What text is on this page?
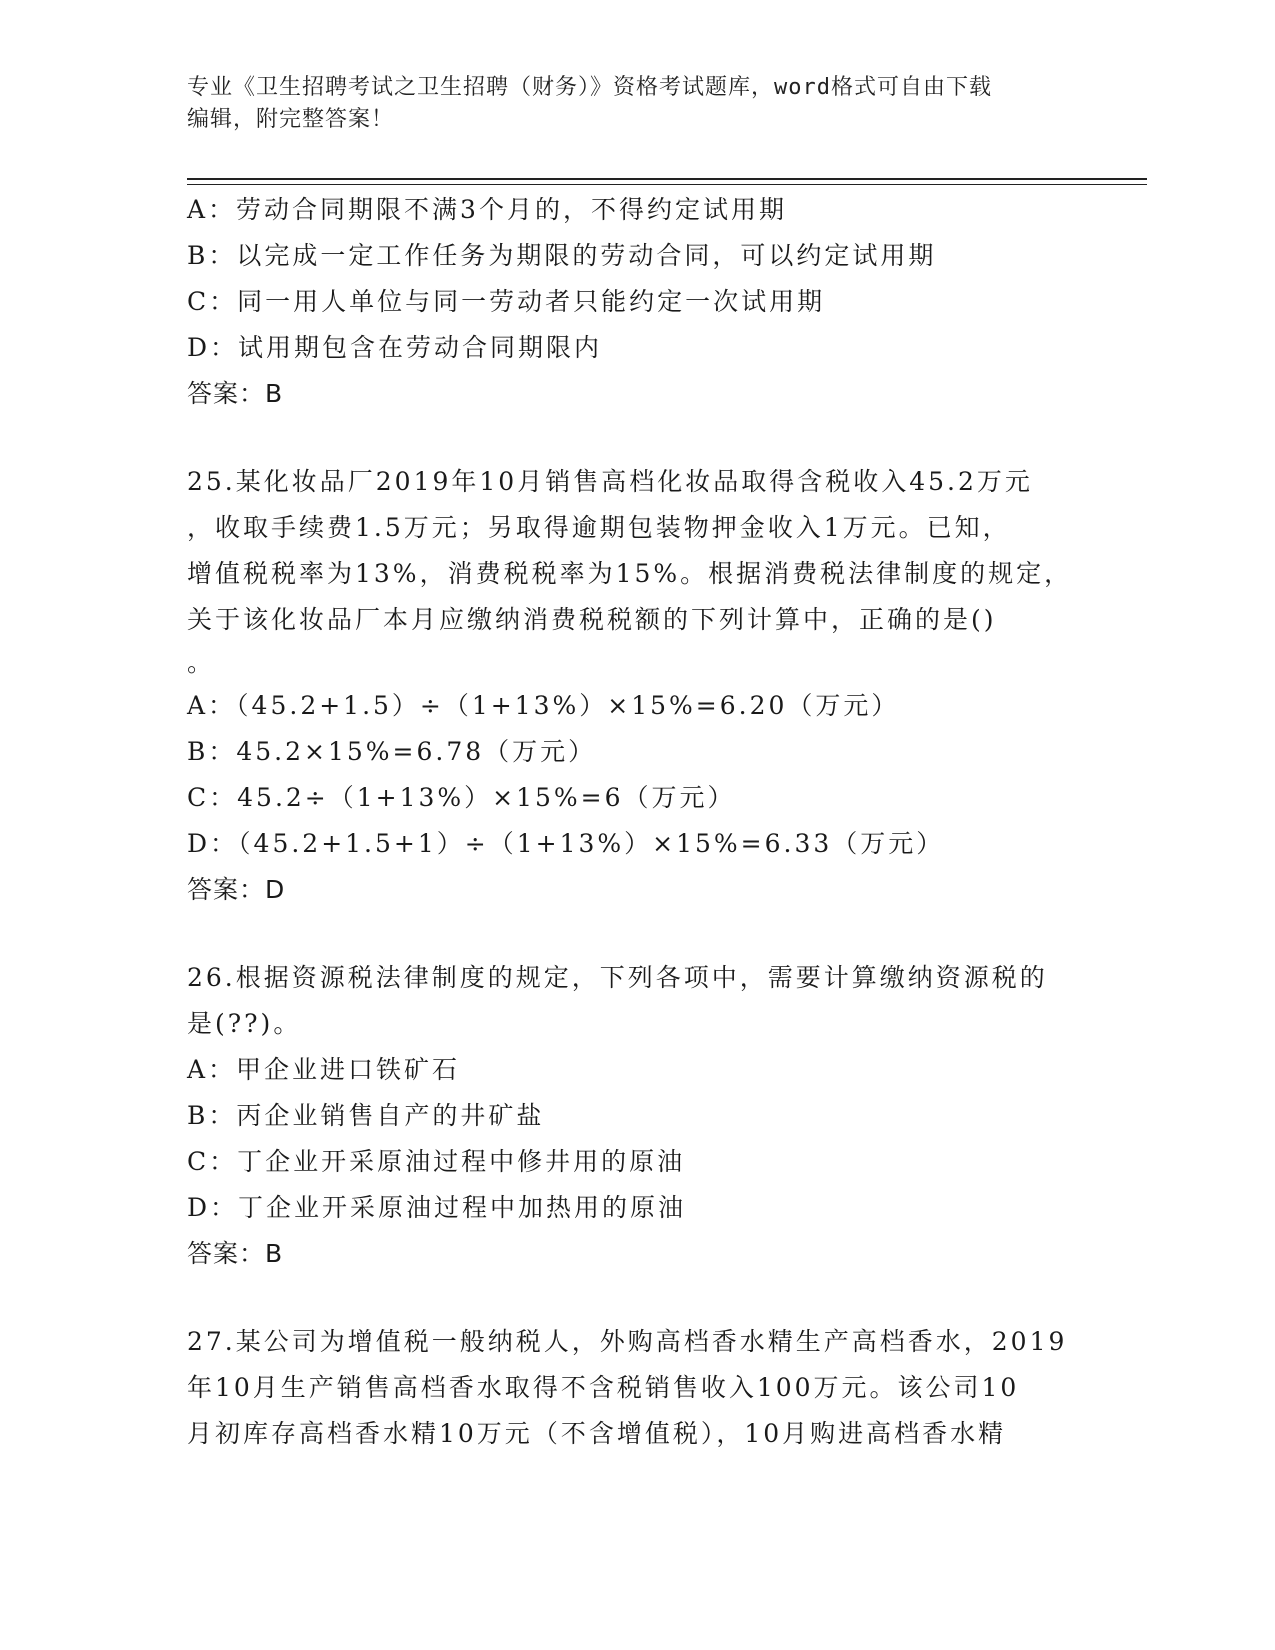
专业《卫生招聘考试之卫生招聘（财务）》资格考试题库，word格式可自由下载
编辑，附完整答案！
A：劳动合同期限不满3个月的，不得约定试用期
B：以完成一定工作任务为期限的劳动合同，可以约定试用期
C：同一用人单位与同一劳动者只能约定一次试用期
D：试用期包含在劳动合同期限内
答案：B
25.某化妆品厂2019年10月销售高档化妆品取得含税收入45.2万元
，收取手续费1.5万元；另取得逾期包装物押金收入1万元。已知，
增值税税率为13%，消费税税率为15%。根据消费税法律制度的规定，
关于该化妆品厂本月应缴纳消费税税额的下列计算中，正确的是()
。
A：（45.2+1.5）÷（1+13%）×15%=6.20（万元）
B：45.2×15%=6.78（万元）
C：45.2÷（1+13%）×15%=6（万元）
D：（45.2+1.5+1）÷（1+13%）×15%=6.33（万元）
答案：D
26.根据资源税法律制度的规定，下列各项中，需要计算缴纳资源税的
是(??)。
A：甲企业进口铁矿石
B：丙企业销售自产的井矿盐
C：丁企业开采原油过程中修井用的原油
D：丁企业开采原油过程中加热用的原油
答案：B
27.某公司为增值税一般纳税人，外购高档香水精生产高档香水，2019
年10月生产销售高档香水取得不含税销售收入100万元。该公司10
月初库存高档香水精10万元（不含增值税），10月购进高档香水精
